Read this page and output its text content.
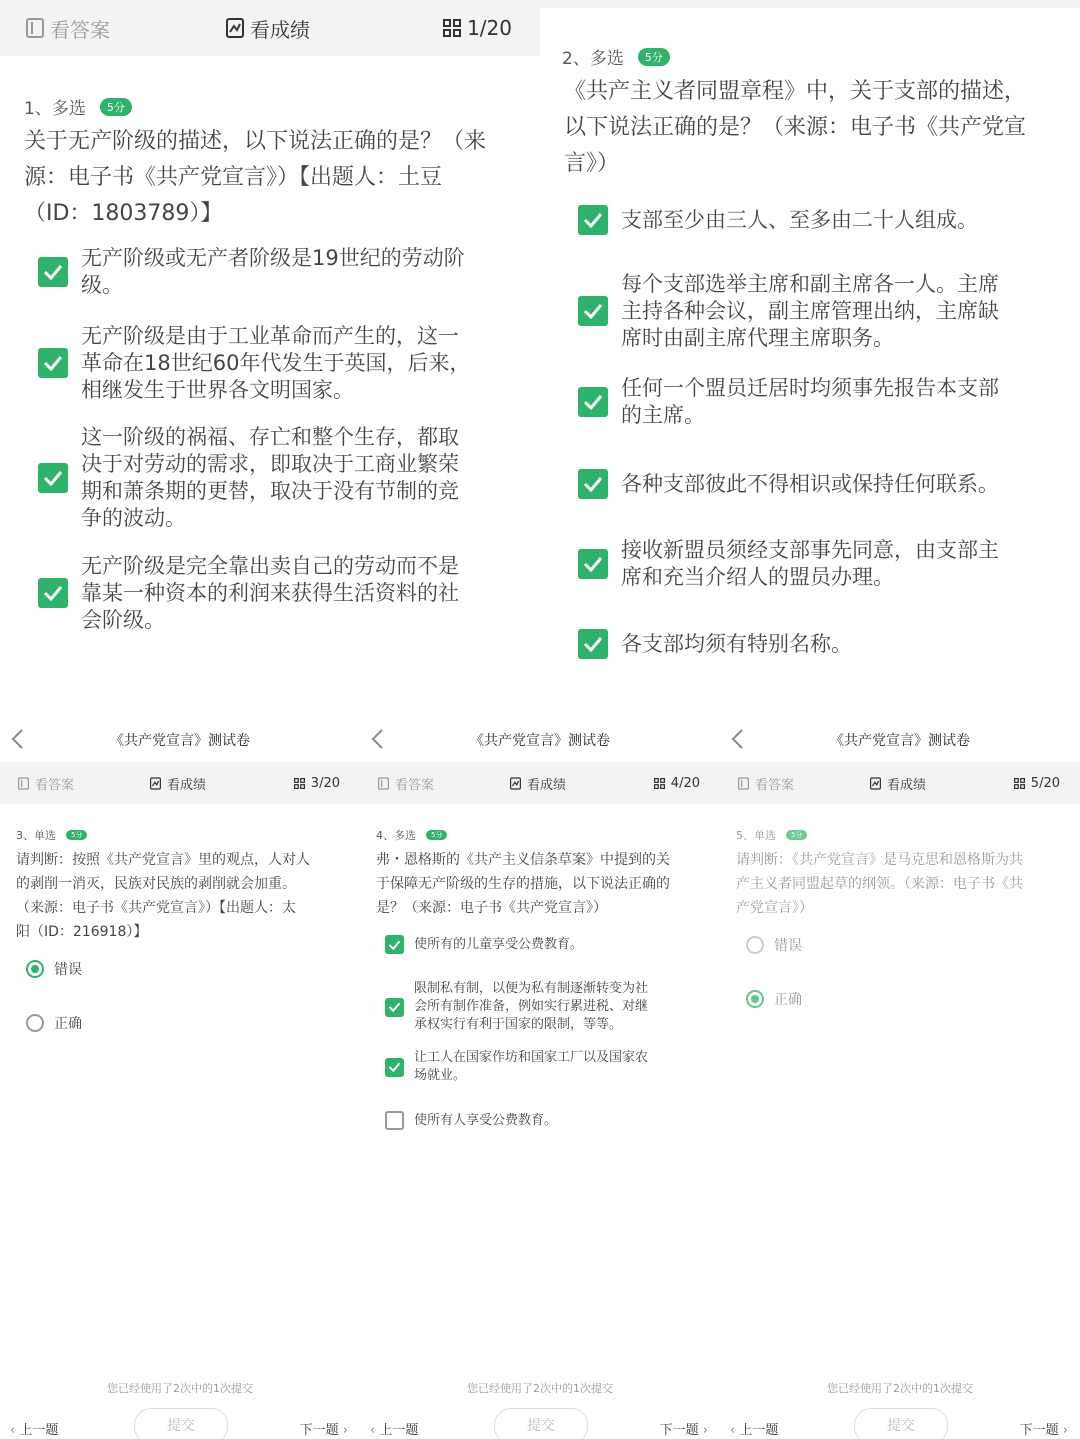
看答案	看成绩	1/20
1、多选	5分
关于无产阶级的描述，以下说法正确的是？（来
源：电子书《共产党宣言》）【出题人：土豆
（ID：1803789）】
无产阶级或无产者阶级是19世纪的劳动阶
级。
无产阶级是由于工业革命而产生的，这一
革命在18世纪60年代发生于英国，后来，
相继发生于世界各文明国家。
这一阶级的祸福、存亡和整个生存，都取
决于对劳动的需求，即取决于工商业繁荣
期和萧条期的更替，取决于没有节制的竞
争的波动。
无产阶级是完全靠出卖自己的劳动而不是
靠某一种资本的利润来获得生活资料的社
会阶级。
2、多选	5分
《共产主义者同盟章程》中，关于支部的描述，
以下说法正确的是？（来源：电子书《共产党宣
言》）
支部至少由三人、至多由二十人组成。
每个支部选举主席和副主席各一人。主席
主持各种会议，副主席管理出纳，主席缺
席时由副主席代理主席职务。
任何一个盟员迁居时均须事先报告本支部
的主席。
各种支部彼此不得相识或保持任何联系。
接收新盟员须经支部事先同意，由支部主
席和充当介绍人的盟员办理。
各支部均须有特别名称。
《共产党宣言》测试卷
看答案	看成绩	3/20
3、单选	5分
请判断：按照《共产党宣言》里的观点，人对人
的剥削一消灭，民族对民族的剥削就会加重。
（来源：电子书《共产党宣言》）【出题人：太
阳（ID：216918）】
错误
正确
您已经使用了2次中的1次提交
‹ 上一题	提交	下一题 ›
《共产党宣言》测试卷
看答案	看成绩	4/20
4、多选	5分
弗・恩格斯的《共产主义信条草案》中提到的关
于保障无产阶级的生存的措施，以下说法正确的
是？（来源：电子书《共产党宣言》）
使所有的儿童享受公费教育。
限制私有制，以便为私有制逐渐转变为社
会所有制作准备，例如实行累进税、对继
承权实行有利于国家的限制，等等。
让工人在国家作坊和国家工厂以及国家农
场就业。
使所有人享受公费教育。
您已经使用了2次中的1次提交
‹ 上一题	提交	下一题 ›
《共产党宣言》测试卷
看答案	看成绩	5/20
5、单选	5分
请判断：《共产党宣言》是马克思和恩格斯为共
产主义者同盟起草的纲领。（来源：电子书《共
产党宣言》）
错误
正确
您已经使用了2次中的1次提交
‹ 上一题	提交	下一题 ›
